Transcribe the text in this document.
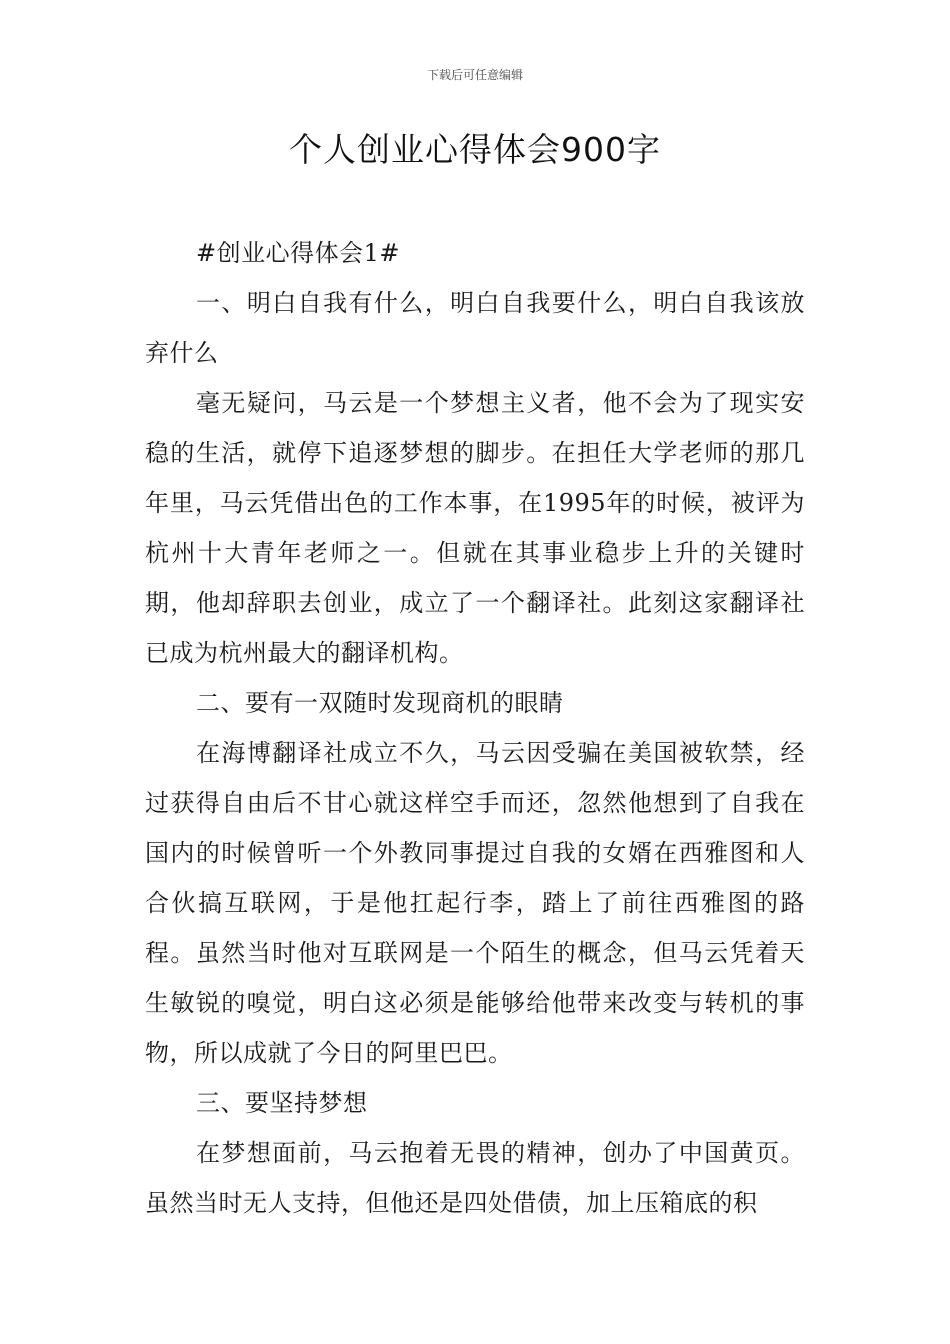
下载后可任意编辑
个人创业心得体会900字

#创业心得体会1#

一、明白自我有什么，明白自我要什么，明白自我该放弃什么

毫无疑问，马云是一个梦想主义者，他不会为了现实安稳的生活，就停下追逐梦想的脚步。在担任大学老师的那几年里，马云凭借出色的工作本事，在1995年的时候，被评为杭州十大青年老师之一。但就在其事业稳步上升的关键时期，他却辞职去创业，成立了一个翻译社。此刻这家翻译社已成为杭州最大的翻译机构。

二、要有一双随时发现商机的眼睛

在海博翻译社成立不久，马云因受骗在美国被软禁，经过获得自由后不甘心就这样空手而还，忽然他想到了自我在国内的时候曾听一个外教同事提过自我的女婿在西雅图和人合伙搞互联网，于是他扛起行李，踏上了前往西雅图的路程。虽然当时他对互联网是一个陌生的概念，但马云凭着天生敏锐的嗅觉，明白这必须是能够给他带来改变与转机的事物，所以成就了今日的阿里巴巴。

三、要坚持梦想

在梦想面前，马云抱着无畏的精神，创办了中国黄页。虽然当时无人支持，但他还是四处借债，加上压箱底的积
